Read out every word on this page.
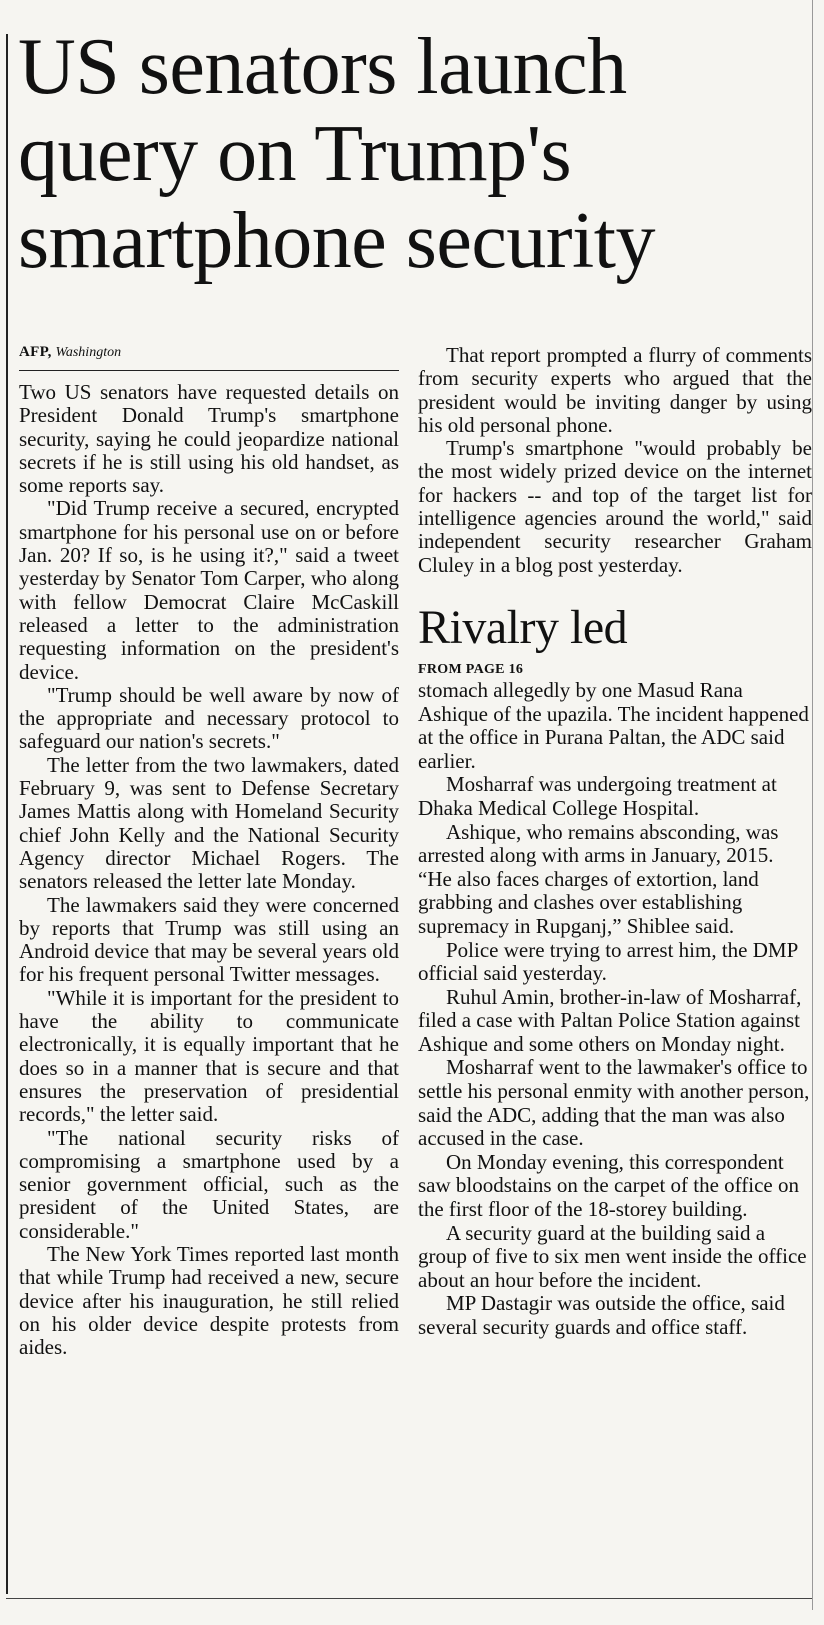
US senators launch
query on Trump's
smartphone security
AFP, Washington

Two US senators have requested details on President Donald Trump's smartphone security, saying he could jeopardize national secrets if he is still using his old handset, as some reports say.

"Did Trump receive a secured, encrypted smartphone for his personal use on or before Jan. 20? If so, is he using it?," said a tweet yesterday by Senator Tom Carper, who along with fellow Democrat Claire McCaskill released a letter to the administration requesting information on the president's device.

"Trump should be well aware by now of the appropriate and necessary protocol to safeguard our nation's secrets."

The letter from the two lawmakers, dated February 9, was sent to Defense Secretary James Mattis along with Homeland Security chief John Kelly and the National Security Agency director Michael Rogers. The senators released the letter late Monday.

The lawmakers said they were concerned by reports that Trump was still using an Android device that may be several years old for his frequent personal Twitter messages.

"While it is important for the president to have the ability to communicate electronically, it is equally important that he does so in a manner that is secure and that ensures the preservation of presidential records," the letter said.

"The national security risks of compromising a smartphone used by a senior government official, such as the president of the United States, are considerable."

The New York Times reported last month that while Trump had received a new, secure device after his inauguration, he still relied on his older device despite protests from aides.

That report prompted a flurry of comments from security experts who argued that the president would be inviting danger by using his old personal phone.

Trump's smartphone "would probably be the most widely prized device on the internet for hackers -- and top of the target list for intelligence agencies around the world," said independent security researcher Graham Cluley in a blog post yesterday.

Rivalry led
FROM PAGE 16

stomach allegedly by one Masud Rana Ashique of the upazila. The incident happened at the office in Purana Paltan, the ADC said earlier.

Mosharraf was undergoing treatment at Dhaka Medical College Hospital.

Ashique, who remains absconding, was arrested along with arms in January, 2015. “He also faces charges of extortion, land grabbing and clashes over establishing supremacy in Rupganj,” Shiblee said.

Police were trying to arrest him, the DMP official said yesterday.

Ruhul Amin, brother-in-law of Mosharraf, filed a case with Paltan Police Station against Ashique and some others on Monday night.

Mosharraf went to the lawmaker's office to settle his personal enmity with another person, said the ADC, adding that the man was also accused in the case.

On Monday evening, this correspondent saw bloodstains on the carpet of the office on the first floor of the 18-storey building.

A security guard at the building said a group of five to six men went inside the office about an hour before the incident.

MP Dastagir was outside the office, said several security guards and office staff.
